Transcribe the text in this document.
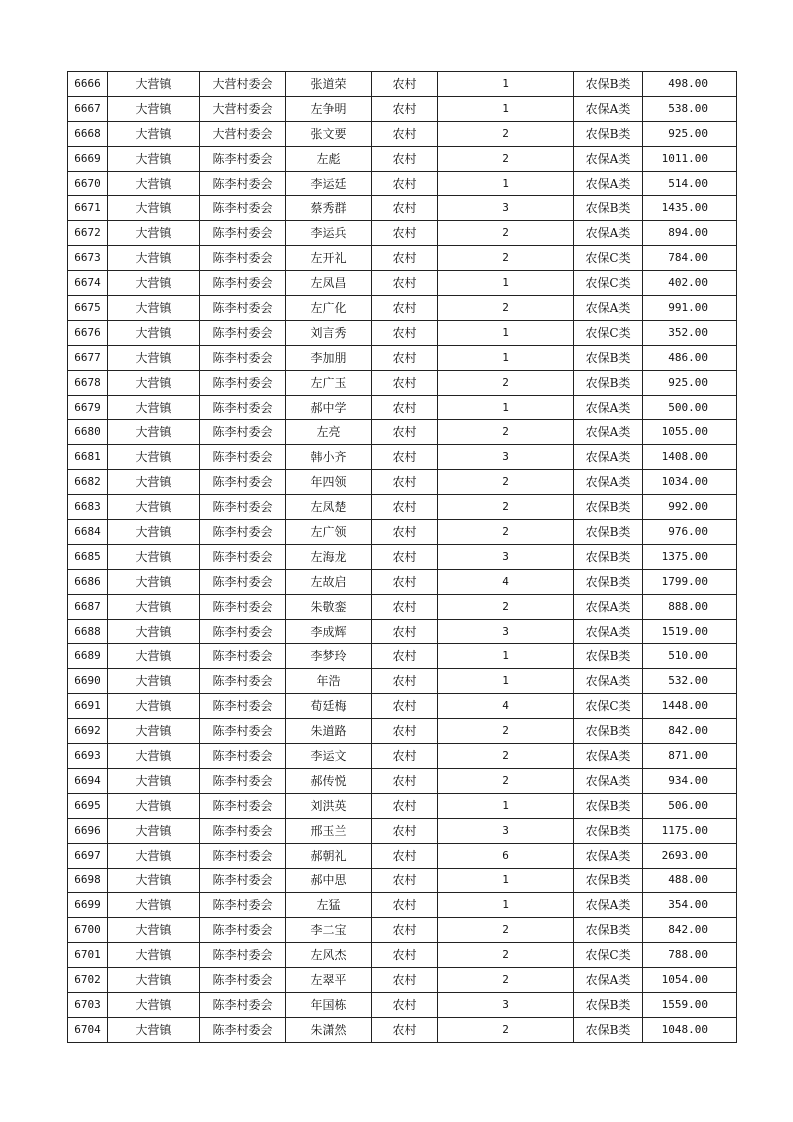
6666	大营镇	大营村委会	张道荣	农村	1	农保B类	498.00
6667	大营镇	大营村委会	左争明	农村	1	农保A类	538.00
6668	大营镇	大营村委会	张文要	农村	2	农保B类	925.00
6669	大营镇	陈李村委会	左彪	农村	2	农保A类	1011.00
6670	大营镇	陈李村委会	李运廷	农村	1	农保A类	514.00
6671	大营镇	陈李村委会	蔡秀群	农村	3	农保B类	1435.00
6672	大营镇	陈李村委会	李运兵	农村	2	农保A类	894.00
6673	大营镇	陈李村委会	左开礼	农村	2	农保C类	784.00
6674	大营镇	陈李村委会	左凤昌	农村	1	农保C类	402.00
6675	大营镇	陈李村委会	左广化	农村	2	农保A类	991.00
6676	大营镇	陈李村委会	刘言秀	农村	1	农保C类	352.00
6677	大营镇	陈李村委会	李加朋	农村	1	农保B类	486.00
6678	大营镇	陈李村委会	左广玉	农村	2	农保B类	925.00
6679	大营镇	陈李村委会	郝中学	农村	1	农保A类	500.00
6680	大营镇	陈李村委会	左亮	农村	2	农保A类	1055.00
6681	大营镇	陈李村委会	韩小齐	农村	3	农保A类	1408.00
6682	大营镇	陈李村委会	年四领	农村	2	农保A类	1034.00
6683	大营镇	陈李村委会	左凤楚	农村	2	农保B类	992.00
6684	大营镇	陈李村委会	左广领	农村	2	农保B类	976.00
6685	大营镇	陈李村委会	左海龙	农村	3	农保B类	1375.00
6686	大营镇	陈李村委会	左故启	农村	4	农保B类	1799.00
6687	大营镇	陈李村委会	朱敬銮	农村	2	农保A类	888.00
6688	大营镇	陈李村委会	李成辉	农村	3	农保A类	1519.00
6689	大营镇	陈李村委会	李梦玲	农村	1	农保B类	510.00
6690	大营镇	陈李村委会	年浩	农村	1	农保A类	532.00
6691	大营镇	陈李村委会	荀廷梅	农村	4	农保C类	1448.00
6692	大营镇	陈李村委会	朱道路	农村	2	农保B类	842.00
6693	大营镇	陈李村委会	李运文	农村	2	农保A类	871.00
6694	大营镇	陈李村委会	郝传悦	农村	2	农保A类	934.00
6695	大营镇	陈李村委会	刘洪英	农村	1	农保B类	506.00
6696	大营镇	陈李村委会	邢玉兰	农村	3	农保B类	1175.00
6697	大营镇	陈李村委会	郝朝礼	农村	6	农保A类	2693.00
6698	大营镇	陈李村委会	郝中思	农村	1	农保B类	488.00
6699	大营镇	陈李村委会	左猛	农村	1	农保A类	354.00
6700	大营镇	陈李村委会	李二宝	农村	2	农保B类	842.00
6701	大营镇	陈李村委会	左风杰	农村	2	农保C类	788.00
6702	大营镇	陈李村委会	左翠平	农村	2	农保A类	1054.00
6703	大营镇	陈李村委会	年国栋	农村	3	农保B类	1559.00
6704	大营镇	陈李村委会	朱潇然	农村	2	农保B类	1048.00
